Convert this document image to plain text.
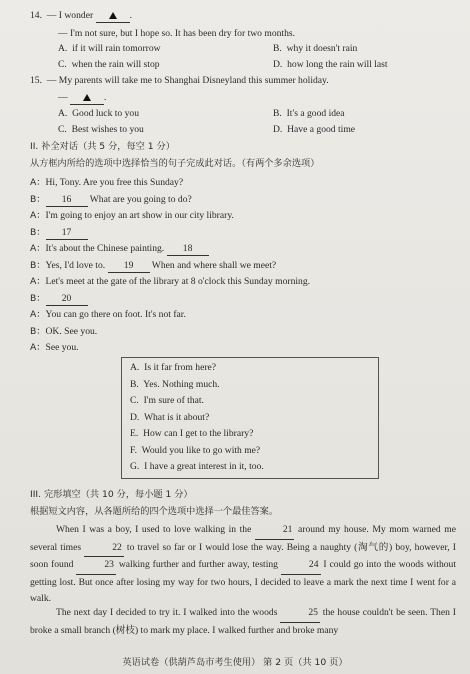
14. — I wonder	.
— I'm not sure, but I hope so. It has been dry for two months.
A. if it will rain tomorrow	B. why it doesn't rain
C. when the rain will stop	D. how long the rain will last
15. — My parents will take me to Shanghai Disneyland this summer holiday.
—	.
A. Good luck to you	B. It's a good idea
C. Best wishes to you	D. Have a good time
II. 补全对话（共 5 分，每空 1 分）
从方框内所给的选项中选择恰当的句子完成此对话。（有两个多余选项）
A：Hi, Tony. Are you free this Sunday?
B： 16 What are you going to do?
A：I'm going to enjoy an art show in our city library.
B： 17
A：It's about the Chinese painting. 18
B：Yes, I'd love to. 19 When and where shall we meet?
A：Let's meet at the gate of the library at 8 o'clock this Sunday morning.
B： 20
A：You can go there on foot. It's not far.
B：OK. See you.
A：See you.
A. Is it far from here?
B. Yes. Nothing much.
C. I'm sure of that.
D. What is it about?
E. How can I get to the library?
F. Would you like to go with me?
G. I have a great interest in it, too.
III. 完形填空（共 10 分，每小题 1 分）
根据短文内容，从各题所给的四个选项中选择一个最佳答案。
When I was a boy, I used to love walking in the	21 around my house. My mom warned me several times	22 to travel so far or I would lose the way. Being a naughty (淘气的) boy, however, I soon found	23 walking further and further away, testing	24 I could go into the woods without getting lost. But once after losing my way for two hours, I decided to leave a mark the next time I went for a walk.
The next day I decided to try it. I walked into the woods	25 the house couldn't be seen. Then I broke a small branch (树枝) to mark my place. I walked further and broke many
英语试卷（供葫芦岛市考生使用） 第 2 页（共 10 页）
